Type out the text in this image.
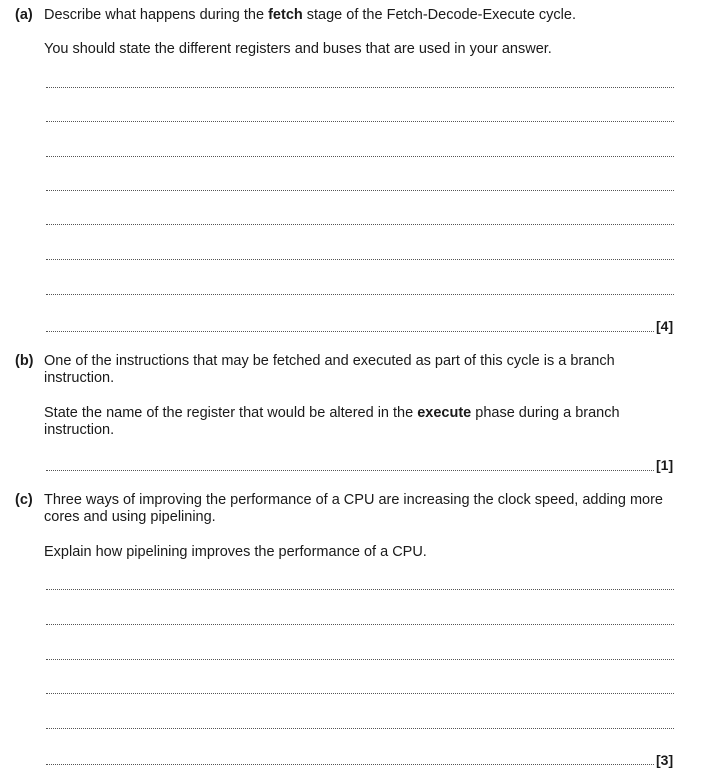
(a) Describe what happens during the fetch stage of the Fetch-Decode-Execute cycle.
You should state the different registers and buses that are used in your answer.
[4]
(b) One of the instructions that may be fetched and executed as part of this cycle is a branch instruction.
State the name of the register that would be altered in the execute phase during a branch instruction.
[1]
(c) Three ways of improving the performance of a CPU are increasing the clock speed, adding more cores and using pipelining.
Explain how pipelining improves the performance of a CPU.
[3]
